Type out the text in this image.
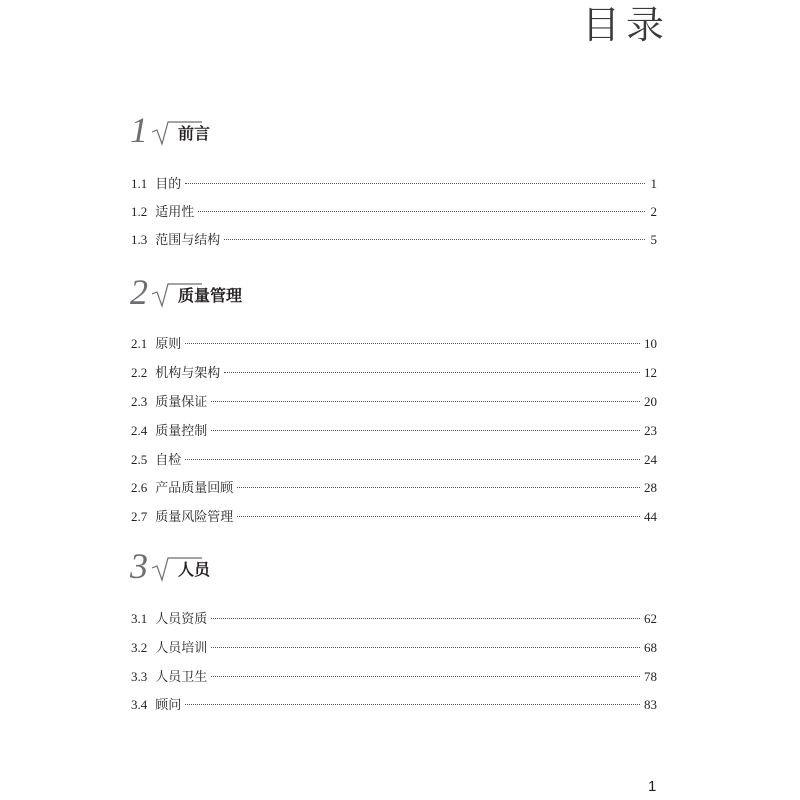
目录
1 前言
1.1 目的	1
1.2 适用性	2
1.3 范围与结构	5
2 质量管理
2.1 原则	10
2.2 机构与架构	12
2.3 质量保证	20
2.4 质量控制	23
2.5 自检	24
2.6 产品质量回顾	28
2.7 质量风险管理	44
3 人员
3.1 人员资质	62
3.2 人员培训	68
3.3 人员卫生	78
3.4 顾问	83
1
